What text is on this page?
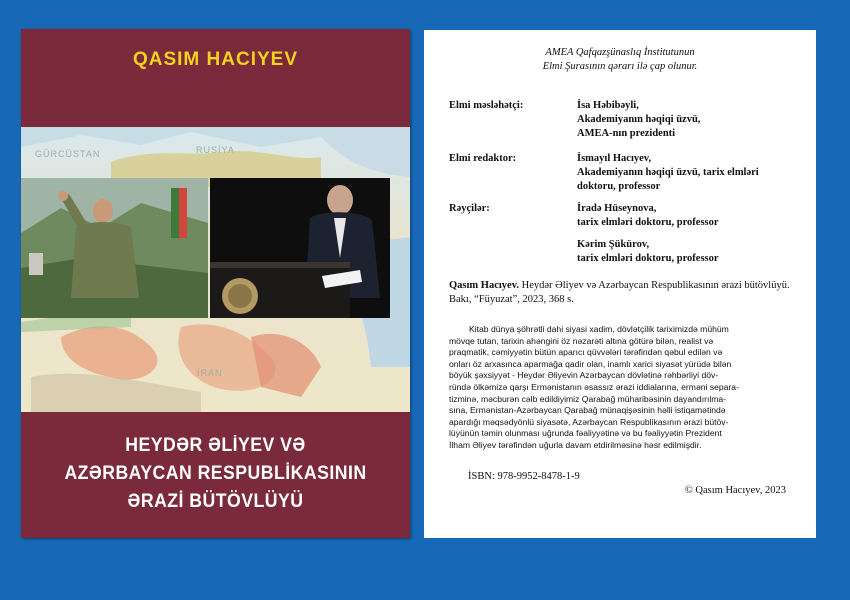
QASIM HACIYEV
GÜRCÜSTAN	RUSİYA
İRAN
HEYDƏR ƏLİYEV VƏ
AZƏRBAYCAN RESPUBLİKASININ
ƏRAZİ BÜTÖVLÜYÜ
AMEA Qafqazşünaslıq İnstitutunun
Elmi Şurasının qərarı ilə çap olunur.
Elmi məsləhətçi:	İsa Həbibəyli,
Akademiyanın həqiqi üzvü,
AMEA-nın prezidenti
Elmi redaktor:	İsmayıl Hacıyev,
Akademiyanın həqiqi üzvü, tarix elmləri
doktoru, professor
Rəyçilər:	İradə Hüseynova,
tarix elmləri doktoru, professor
Kərim Şükürov,
tarix elmləri doktoru, professor
Qasım Hacıyev. Heydər Əliyev və Azərbaycan Respublikasının ərazi bütövlüyü. Bakı, “Füyuzat”, 2023, 368 s.
Kitab dünya şöhrətli dahi siyasi xadim, dövlətçilik tariximizdə mühüm
mövqe tutan, tarixin ahəngini öz nəzarəti altına götürə bilən, realist və
praqmatik, cəmiyyətin bütün aparıcı qüvvələri tərəfindən qəbul edilən və
onları öz arxasınca aparmağa qadir olan, inamlı xarici siyasət yürüdə bilən
böyük şəxsiyyət - Heydər Əliyevin Azərbaycan dövlətinə rəhbərliyi döv-
ründə ölkəmizə qarşı Ermənistanın əsassız ərazi iddialarına, erməni separa-
tizminə, məcburən cəlb edildiyimiz Qarabağ müharibəsinin dayandırılma-
sına, Ermənistan-Azərbaycan Qarabağ münaqişəsinin həlli istiqamətində
apardığı məqsədyönlü siyasətə, Azərbaycan Respublikasının ərazi bütöv-
lüyünün təmin olunması uğrunda fəaliyyətinə və bu fəaliyyətin Prezident
İlham Əliyev tərəfindən uğurla davam etdirilməsinə həsr edilmişdir.
İSBN: 978-9952-8478-1-9
© Qasım Hacıyev, 2023
